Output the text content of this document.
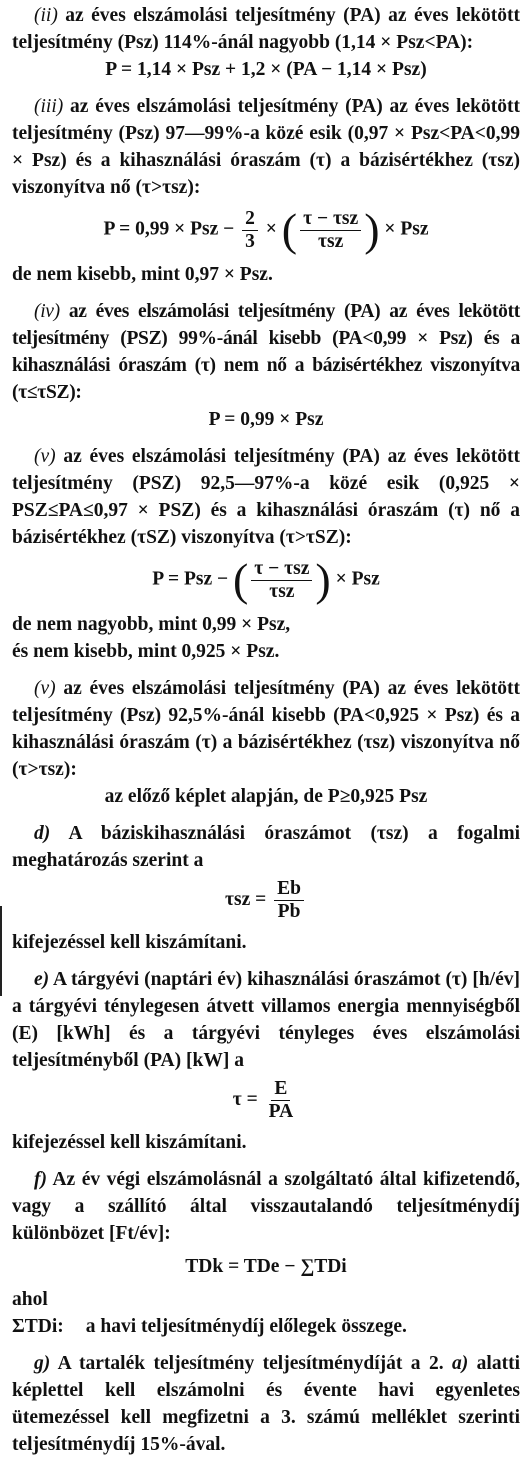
(ii) az éves elszámolási teljesítmény (PA) az éves lekötött teljesítmény (Psz) 114%-ánál nagyobb (1,14 × Psz<PA):

P = 1,14 × Psz + 1,2 × (PA − 1,14 × Psz)

(iii) az éves elszámolási teljesítmény (PA) az éves lekötött teljesítmény (Psz) 97—99%-a közé esik (0,97 × Psz<PA<0,99 × Psz) és a kihasználási óraszám (τ) a bázisértékhez (τsz) viszonyítva nő (τ>τsz):

P = 0,99 × Psz − $\frac{2}{3}$ × ( $\frac{\text{τ − τsz}}{\text{τsz}}$ ) × Psz

de nem kisebb, mint 0,97 × Psz.

(iv) az éves elszámolási teljesítmény (PA) az éves lekötött teljesítmény (PSZ) 99%-ánál kisebb (PA<0,99 × Psz) és a kihasználási óraszám (τ) nem nő a bázisértékhez viszonyítva (τ≤τSZ):

P = 0,99 × Psz

(v) az éves elszámolási teljesítmény (PA) az éves lekötött teljesítmény (PSZ) 92,5—97%-a közé esik (0,925 × PSZ≤PA≤0,97 × PSZ) és a kihasználási óraszám (τ) nő a bázisértékhez (τSZ) viszonyítva (τ>τSZ):

P = Psz − ( $\frac{\text{τ − τsz}}{\text{τsz}}$ ) × Psz

de nem nagyobb, mint 0,99 × Psz,

és nem kisebb, mint 0,925 × Psz.

(v) az éves elszámolási teljesítmény (PA) az éves lekötött teljesítmény (Psz) 92,5%-ánál kisebb (PA<0,925 × Psz) és a kihasználási óraszám (τ) a bázisértékhez (τsz) viszonyítva nő (τ>τsz):

az előző képlet alapján, de P≥0,925 Psz

d) A báziskihasználási óraszámot (τsz) a fogalmi meghatározás szerint a

$\tau sz = \frac{Eb}{Pb}$

kifejezéssel kell kiszámítani.

e) A tárgyévi (naptári év) kihasználási óraszámot (τ) [h/év] a tárgyévi ténylegesen átvett villamos energia mennyiségből (E) [kWh] és a tárgyévi tényleges éves elszámolási teljesítményből (PA) [kW] a

$\tau = \frac{E}{PA}$

kifejezéssel kell kiszámítani.

f) Az év végi elszámolásnál a szolgáltató által kifizetendő, vagy a szállító által visszautalandó teljesítménydíj különbözet [Ft/év]:

TDk = TDe − ∑TDi

ahol

ΣTDi: a havi teljesítménydíj előlegek összege.

g) A tartalék teljesítmény teljesítménydíját a 2. a) alatti képlettel kell elszámolni és évente havi egyenletes ütemezéssel kell megfizetni a 3. számú melléklet szerinti teljesítménydíj 15%-ával.
